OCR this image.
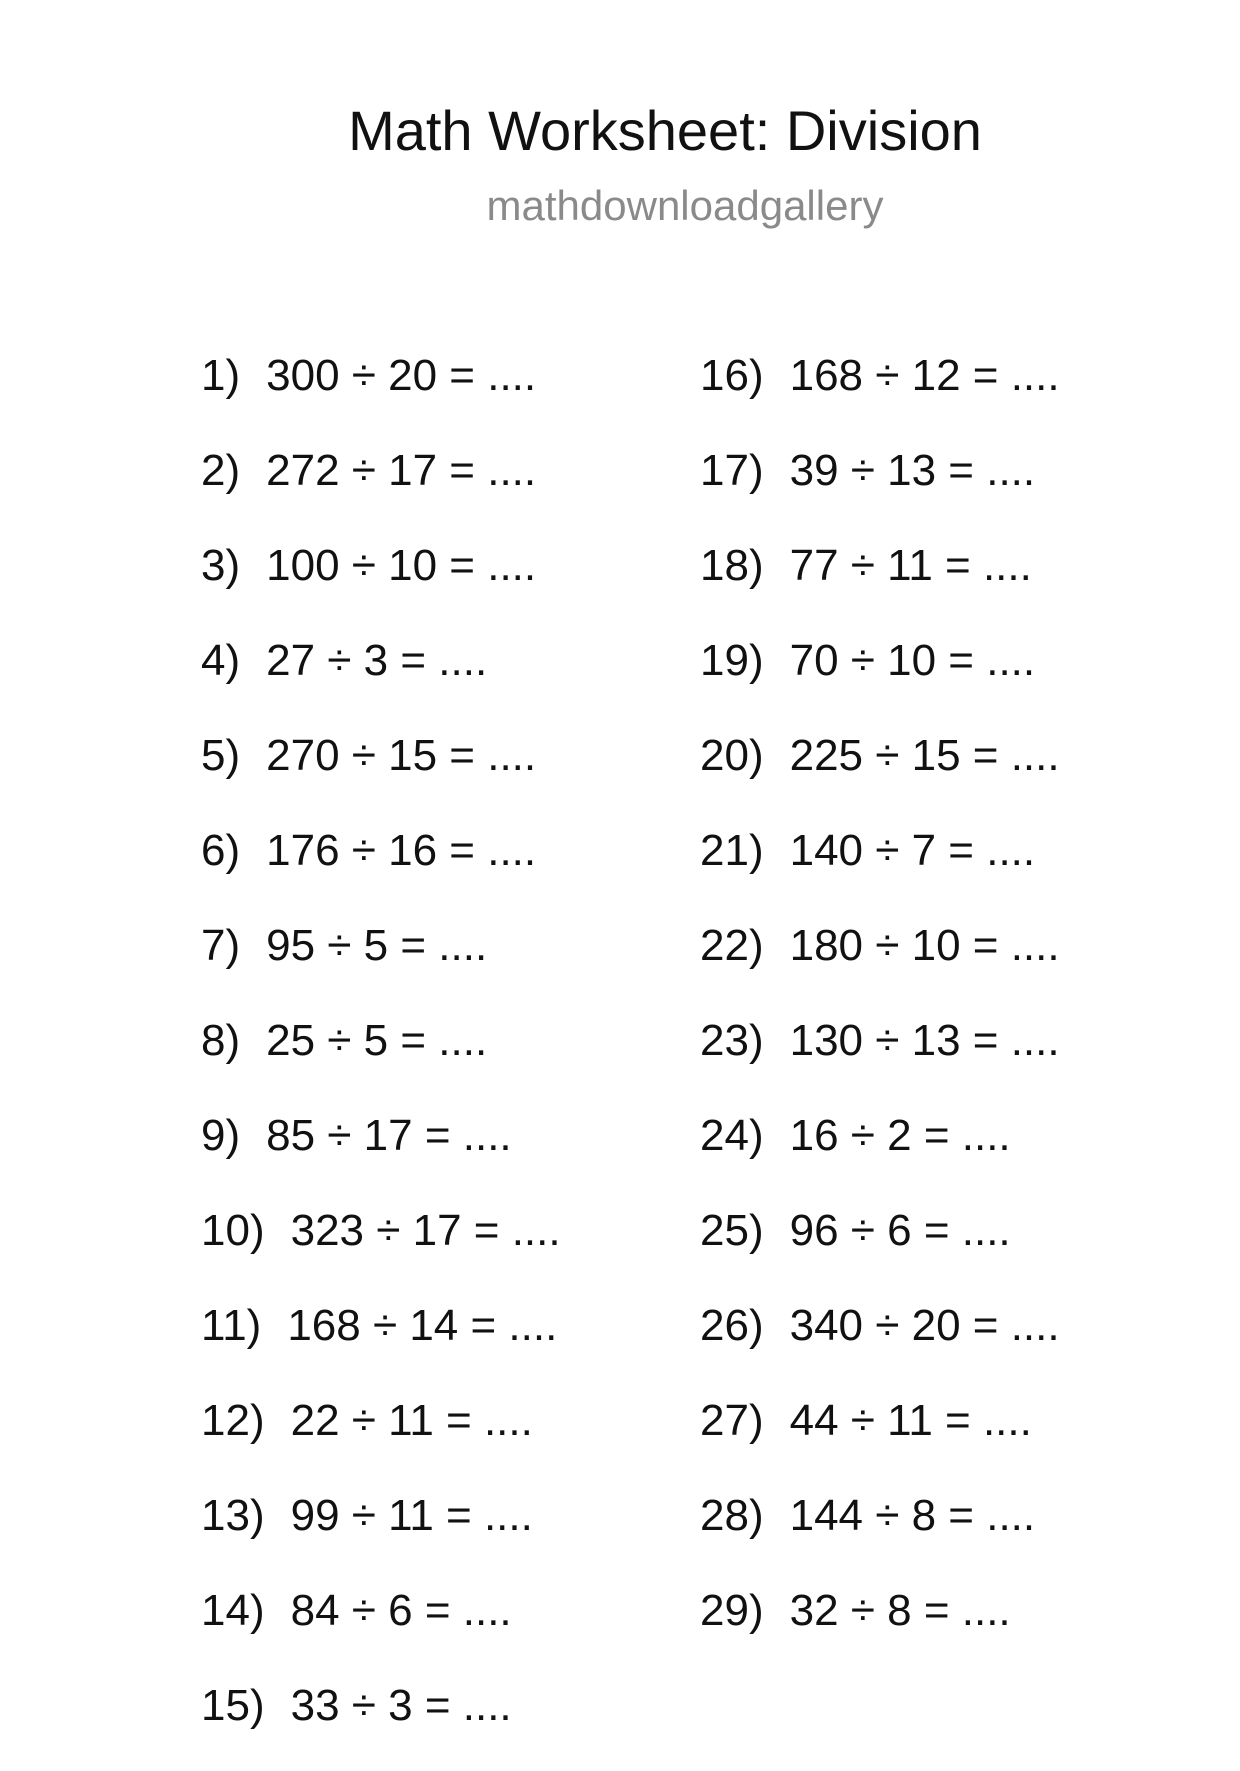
Math Worksheet: Division
mathdownloadgallery
1) 300 ÷ 20 = ....
2) 272 ÷ 17 = ....
3) 100 ÷ 10 = ....
4) 27 ÷ 3 = ....
5) 270 ÷ 15 = ....
6) 176 ÷ 16 = ....
7) 95 ÷ 5 = ....
8) 25 ÷ 5 = ....
9) 85 ÷ 17 = ....
10) 323 ÷ 17 = ....
11) 168 ÷ 14 = ....
12) 22 ÷ 11 = ....
13) 99 ÷ 11 = ....
14) 84 ÷ 6 = ....
15) 33 ÷ 3 = ....
16) 168 ÷ 12 = ....
17) 39 ÷ 13 = ....
18) 77 ÷ 11 = ....
19) 70 ÷ 10 = ....
20) 225 ÷ 15 = ....
21) 140 ÷ 7 = ....
22) 180 ÷ 10 = ....
23) 130 ÷ 13 = ....
24) 16 ÷ 2 = ....
25) 96 ÷ 6 = ....
26) 340 ÷ 20 = ....
27) 44 ÷ 11 = ....
28) 144 ÷ 8 = ....
29) 32 ÷ 8 = ....
